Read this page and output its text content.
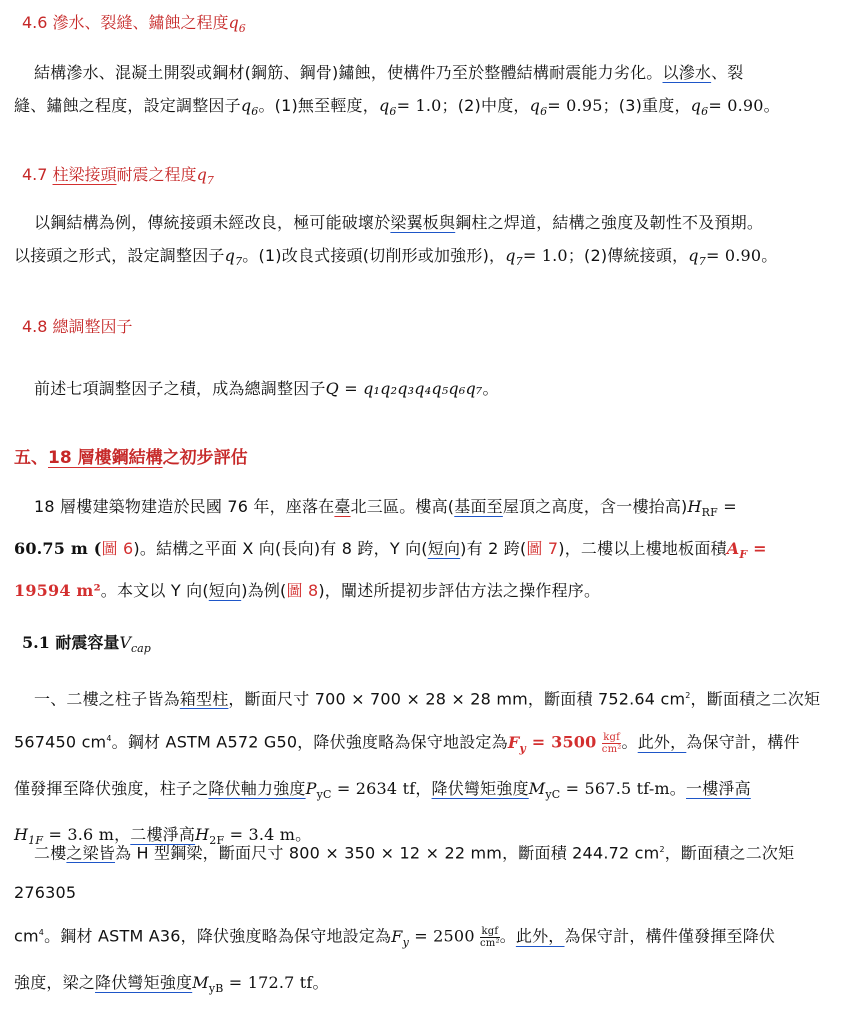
4.6 滲水、裂縫、鏽蝕之程度$q_6$
結構滲水、混凝土開裂或鋼材(鋼筋、鋼骨)鏽蝕，使構件乃至於整體結構耐震能力劣化。以滲水、裂
縫、鏽蝕之程度，設定調整因子$q_6$。(1)無至輕度，$q_6= 1.0$；(2)中度，$q_6= 0.95$；(3)重度，$q_6= 0.90$。
4.7 柱梁接頭耐震之程度$q_7$
以鋼結構為例，傳統接頭未經改良，極可能破壞於梁翼板與鋼柱之焊道，結構之強度及韌性不及預期。
以接頭之形式，設定調整因子$q_7$。(1)改良式接頭(切削形或加強形)，$q_7= 1.0$；(2)傳統接頭，$q_7= 0.90$。
4.8 總調整因子
前述七項調整因子之積，成為總調整因子Q = q₁q₂q₃q₄q₅q₆q₇。
五、18 層樓鋼結構之初步評估
18 層樓建築物建造於民國 76 年，座落在臺北三區。樓高(基面至屋頂之高度，含一樓抬高)$H_{RF}$ =
60.75 m (圖 6)。結構之平面 X 向(長向)有 8 跨，Y 向(短向)有 2 跨(圖 7)，二樓以上樓地板面積$A_F$ =
19594 m²。本文以 Y 向(短向)為例(圖 8)，闡述所提初步評估方法之操作程序。
5.1 耐震容量$V_{cap}$
一、二樓之柱子皆為箱型柱，斷面尺寸 700 × 700 × 28 × 28 mm，斷面積 752.64 $cm^2$，斷面積之二次矩
567450 $cm^4$。鋼材 ASTM A572 G50，降伏強度略為保守地設定為$F_y = 3500 \frac{\text{kgf}}{\text{cm²}}$ 。此外，為保守計，構件
僅發揮至降伏強度，柱子之降伏軸力強度$P_{yC} = 2634$ tf，降伏彎矩強度$M_{yC} = 567.5$ tf-m。一樓淨高
$H_{1F} = 3.6$ m，二樓淨高$H_{2F} = 3.4$ m。
二樓之梁皆為 H 型鋼梁，斷面尺寸 800 × 350 × 12 × 22 mm，斷面積 244.72 $cm^2$，斷面積之二次矩 276305
$cm^4$。鋼材 ASTM A36，降伏強度略為保守地設定為$F_y = 2500 \frac{\text{kgf}}{\text{cm²}}$ 。此外，為保守計，構件僅發揮至降伏
強度，梁之降伏彎矩強度$M_{yB} = 172.7$ tf。
